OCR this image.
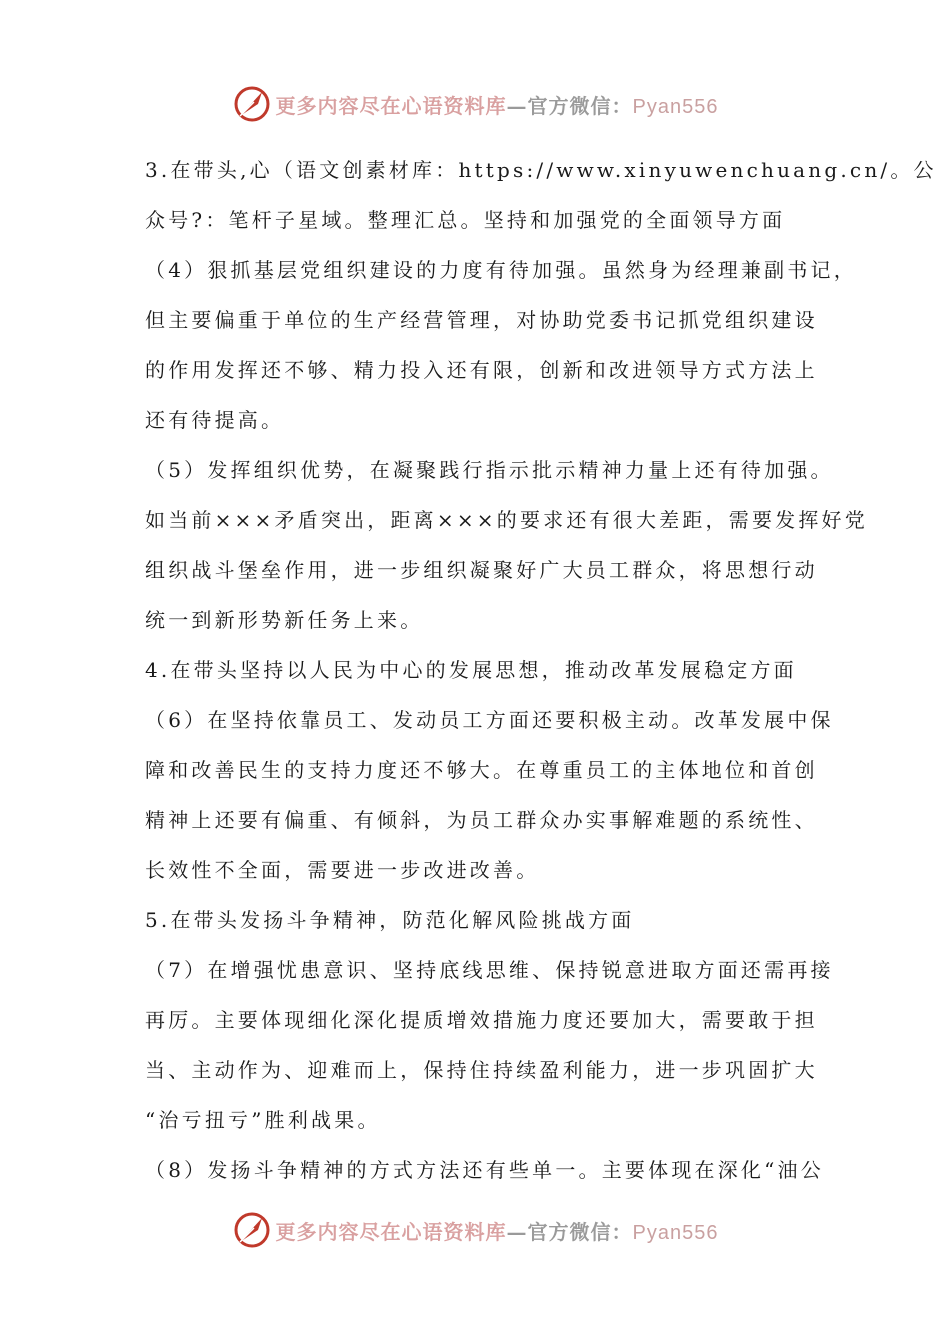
更多内容尽在心语资料库—官方微信：Pyan556
3.在带头,心（语文创素材库：https://www.xinyuwenchuang.cn/。公
众号?：笔杆子星域。整理汇总。坚持和加强党的全面领导方面
（4）狠抓基层党组织建设的力度有待加强。虽然身为经理兼副书记，
但主要偏重于单位的生产经营管理，对协助党委书记抓党组织建设
的作用发挥还不够、精力投入还有限，创新和改进领导方式方法上
还有待提高。
（5）发挥组织优势，在凝聚践行指示批示精神力量上还有待加强。
如当前×××矛盾突出，距离×××的要求还有很大差距，需要发挥好党
组织战斗堡垒作用，进一步组织凝聚好广大员工群众，将思想行动
统一到新形势新任务上来。
4.在带头坚持以人民为中心的发展思想，推动改革发展稳定方面
（6）在坚持依靠员工、发动员工方面还要积极主动。改革发展中保
障和改善民生的支持力度还不够大。在尊重员工的主体地位和首创
精神上还要有偏重、有倾斜，为员工群众办实事解难题的系统性、
长效性不全面，需要进一步改进改善。
5.在带头发扬斗争精神，防范化解风险挑战方面
（7）在增强忧患意识、坚持底线思维、保持锐意进取方面还需再接
再厉。主要体现细化深化提质增效措施力度还要加大，需要敢于担
当、主动作为、迎难而上，保持住持续盈利能力，进一步巩固扩大
“治亏扭亏”胜利战果。
（8）发扬斗争精神的方式方法还有些单一。主要体现在深化“油公
更多内容尽在心语资料库—官方微信：Pyan556
